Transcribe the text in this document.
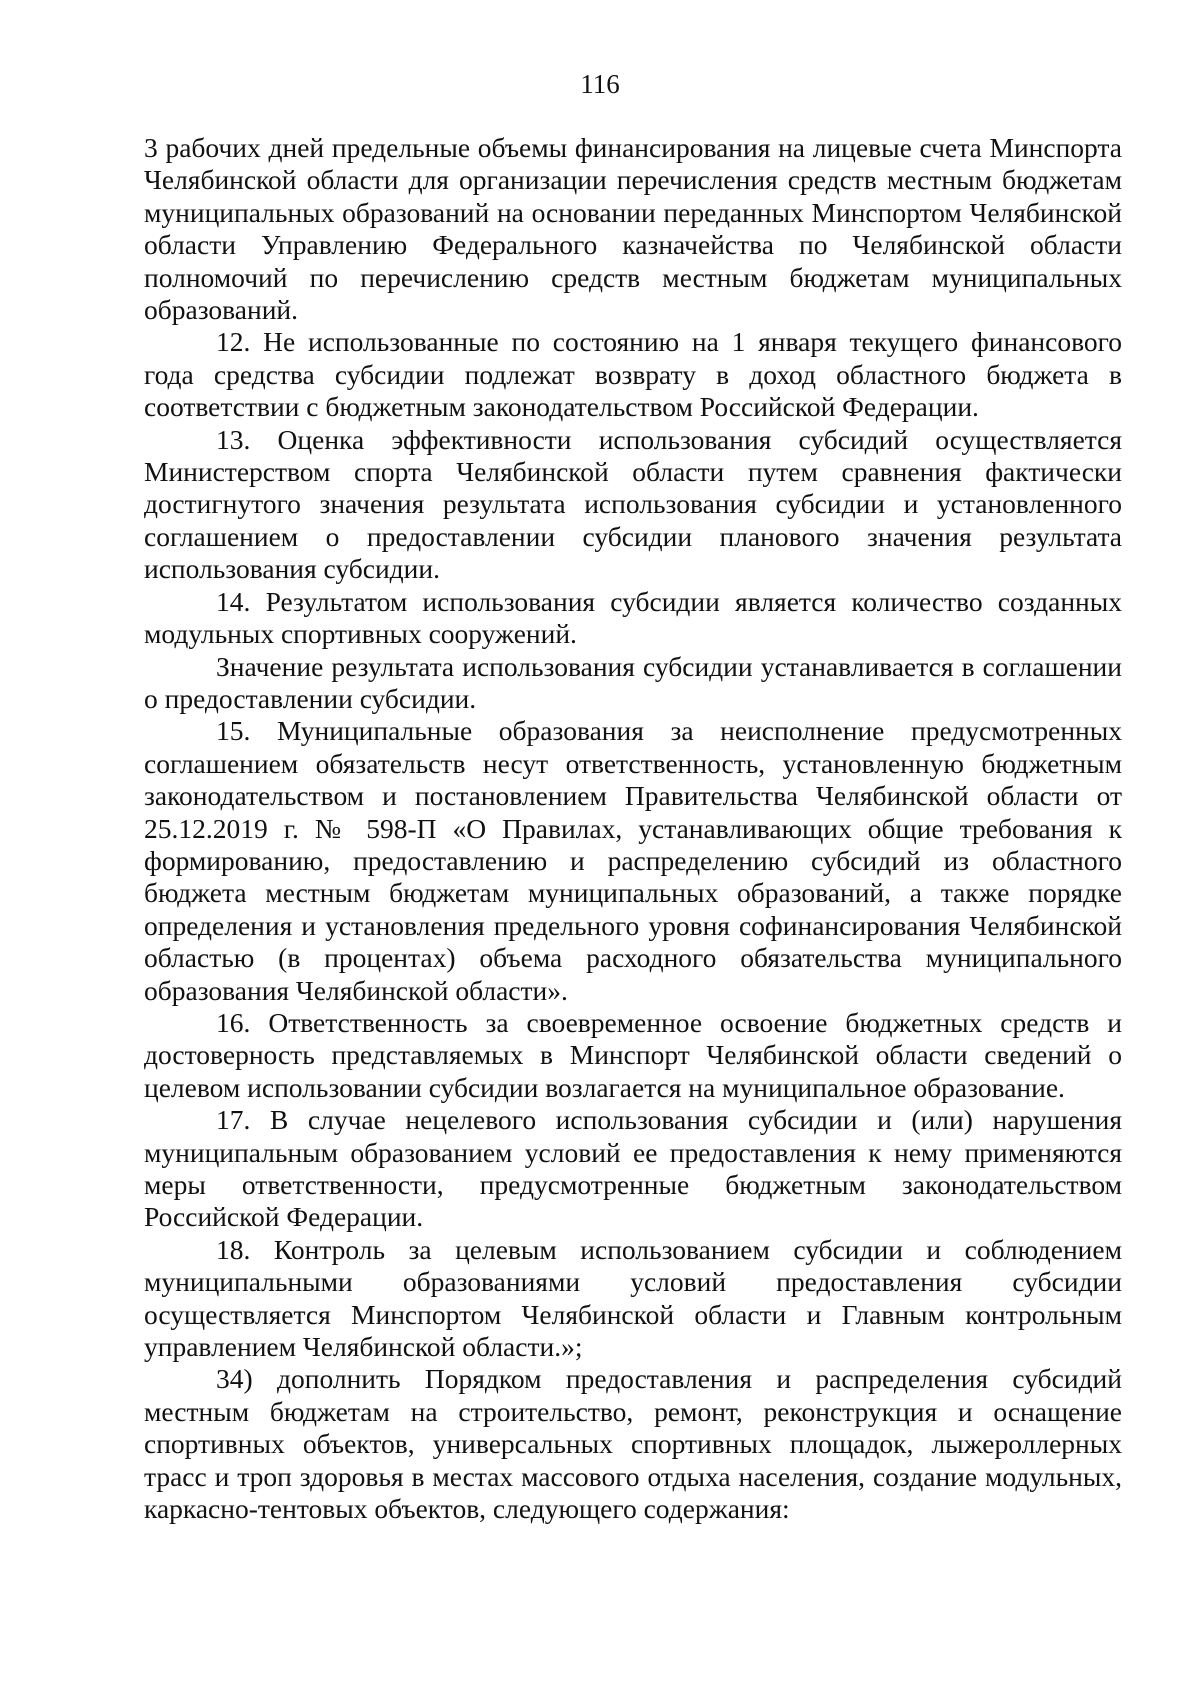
116

3 рабочих дней предельные объемы финансирования на лицевые счета Минспорта Челябинской области для организации перечисления средств местным бюджетам муниципальных образований на основании переданных Минспортом Челябинской области Управлению Федерального казначейства по Челябинской области полномочий по перечислению средств местным бюджетам муниципальных образований.

12. Не использованные по состоянию на 1 января текущего финансового года средства субсидии подлежат возврату в доход областного бюджета в соответствии с бюджетным законодательством Российской Федерации.

13. Оценка эффективности использования субсидий осуществляется Министерством спорта Челябинской области путем сравнения фактически достигнутого значения результата использования субсидии и установленного соглашением о предоставлении субсидии планового значения результата использования субсидии.

14. Результатом использования субсидии является количество созданных модульных спортивных сооружений.

Значение результата использования субсидии устанавливается в соглашении о предоставлении субсидии.

15. Муниципальные образования за неисполнение предусмотренных соглашением обязательств несут ответственность, установленную бюджетным законодательством и постановлением Правительства Челябинской области от 25.12.2019 г. № 598-П «О Правилах, устанавливающих общие требования к формированию, предоставлению и распределению субсидий из областного бюджета местным бюджетам муниципальных образований, а также порядке определения и установления предельного уровня софинансирования Челябинской областью (в процентах) объема расходного обязательства муниципального образования Челябинской области».

16. Ответственность за своевременное освоение бюджетных средств и достоверность представляемых в Минспорт Челябинской области сведений о целевом использовании субсидии возлагается на муниципальное образование.

17. В случае нецелевого использования субсидии и (или) нарушения муниципальным образованием условий ее предоставления к нему применяются меры ответственности, предусмотренные бюджетным законодательством Российской Федерации.

18. Контроль за целевым использованием субсидии и соблюдением муниципальными образованиями условий предоставления субсидии осуществляется Минспортом Челябинской области и Главным контрольным управлением Челябинской области.»;

34) дополнить Порядком предоставления и распределения субсидий местным бюджетам на строительство, ремонт, реконструкция и оснащение спортивных объектов, универсальных спортивных площадок, лыжероллерных трасс и троп здоровья в местах массового отдыха населения, создание модульных, каркасно-тентовых объектов, следующего содержания:
